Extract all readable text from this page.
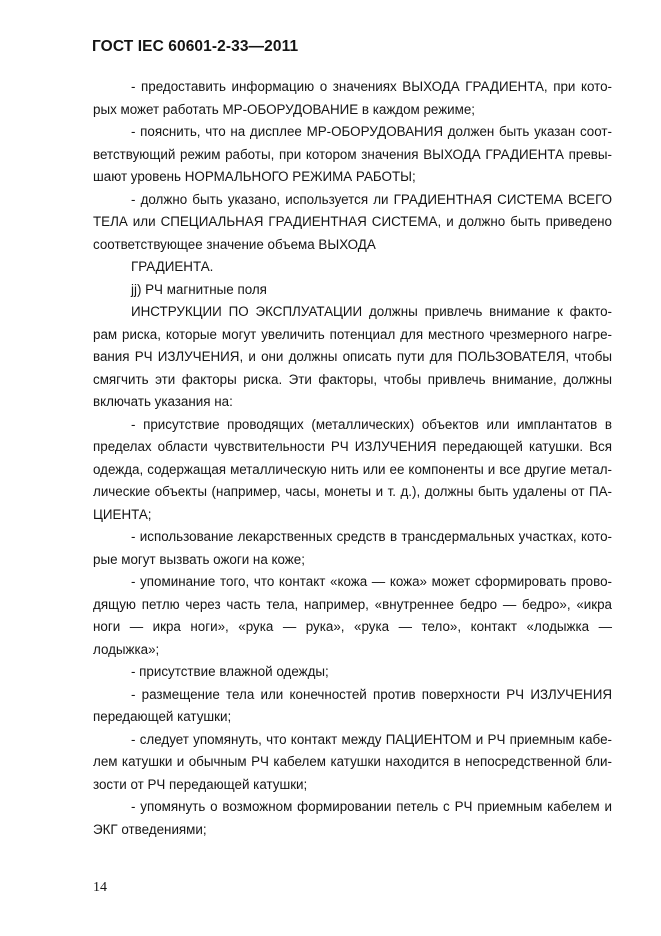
ГОСТ IEC 60601-2-33—2011

- предоставить информацию о значениях ВЫХОДА ГРАДИЕНТА, при кото-
рых может работать МР-ОБОРУДОВАНИЕ в каждом режиме;

- пояснить, что на дисплее МР-ОБОРУДОВАНИЯ должен быть указан соот-
ветствующий режим работы, при котором значения ВЫХОДА ГРАДИЕНТА превы-
шают уровень НОРМАЛЬНОГО РЕЖИМА РАБОТЫ;

- должно быть указано, используется ли ГРАДИЕНТНАЯ СИСТЕМА ВСЕГО
ТЕЛА или СПЕЦИАЛЬНАЯ ГРАДИЕНТНАЯ СИСТЕМА, и должно быть приведено
соответствующее значение объема ВЫХОДА

ГРАДИЕНТА.

jj) РЧ магнитные поля

ИНСТРУКЦИИ ПО ЭКСПЛУАТАЦИИ должны привлечь внимание к факто-
рам риска, которые могут увеличить потенциал для местного чрезмерного нагре-
вания РЧ ИЗЛУЧЕНИЯ, и они должны описать пути для ПОЛЬЗОВАТЕЛЯ, чтобы
смягчить эти факторы риска. Эти факторы, чтобы привлечь внимание, должны
включать указания на:

- присутствие проводящих (металлических) объектов или имплантатов в
пределах области чувствительности РЧ ИЗЛУЧЕНИЯ передающей катушки. Вся
одежда, содержащая металлическую нить или ее компоненты и все другие метал-
лические объекты (например, часы, монеты и т. д.), должны быть удалены от ПА-
ЦИЕНТА;

- использование лекарственных средств в трансдермальных участках, кото-
рые могут вызвать ожоги на коже;

- упоминание того, что контакт «кожа — кожа» может сформировать прово-
дящую петлю через часть тела, например, «внутреннее бедро — бедро», «икра
ноги — икра ноги», «рука — рука», «рука — тело», контакт «лодыжка — лодыжка»;

- присутствие влажной одежды;

- размещение тела или конечностей против поверхности РЧ ИЗЛУЧЕНИЯ
передающей катушки;

- следует упомянуть, что контакт между ПАЦИЕНТОМ и РЧ приемным кабе-
лем катушки и обычным РЧ кабелем катушки находится в непосредственной бли-
зости от РЧ передающей катушки;

- упомянуть о возможном формировании петель с РЧ приемным кабелем и
ЭКГ отведениями;

14
